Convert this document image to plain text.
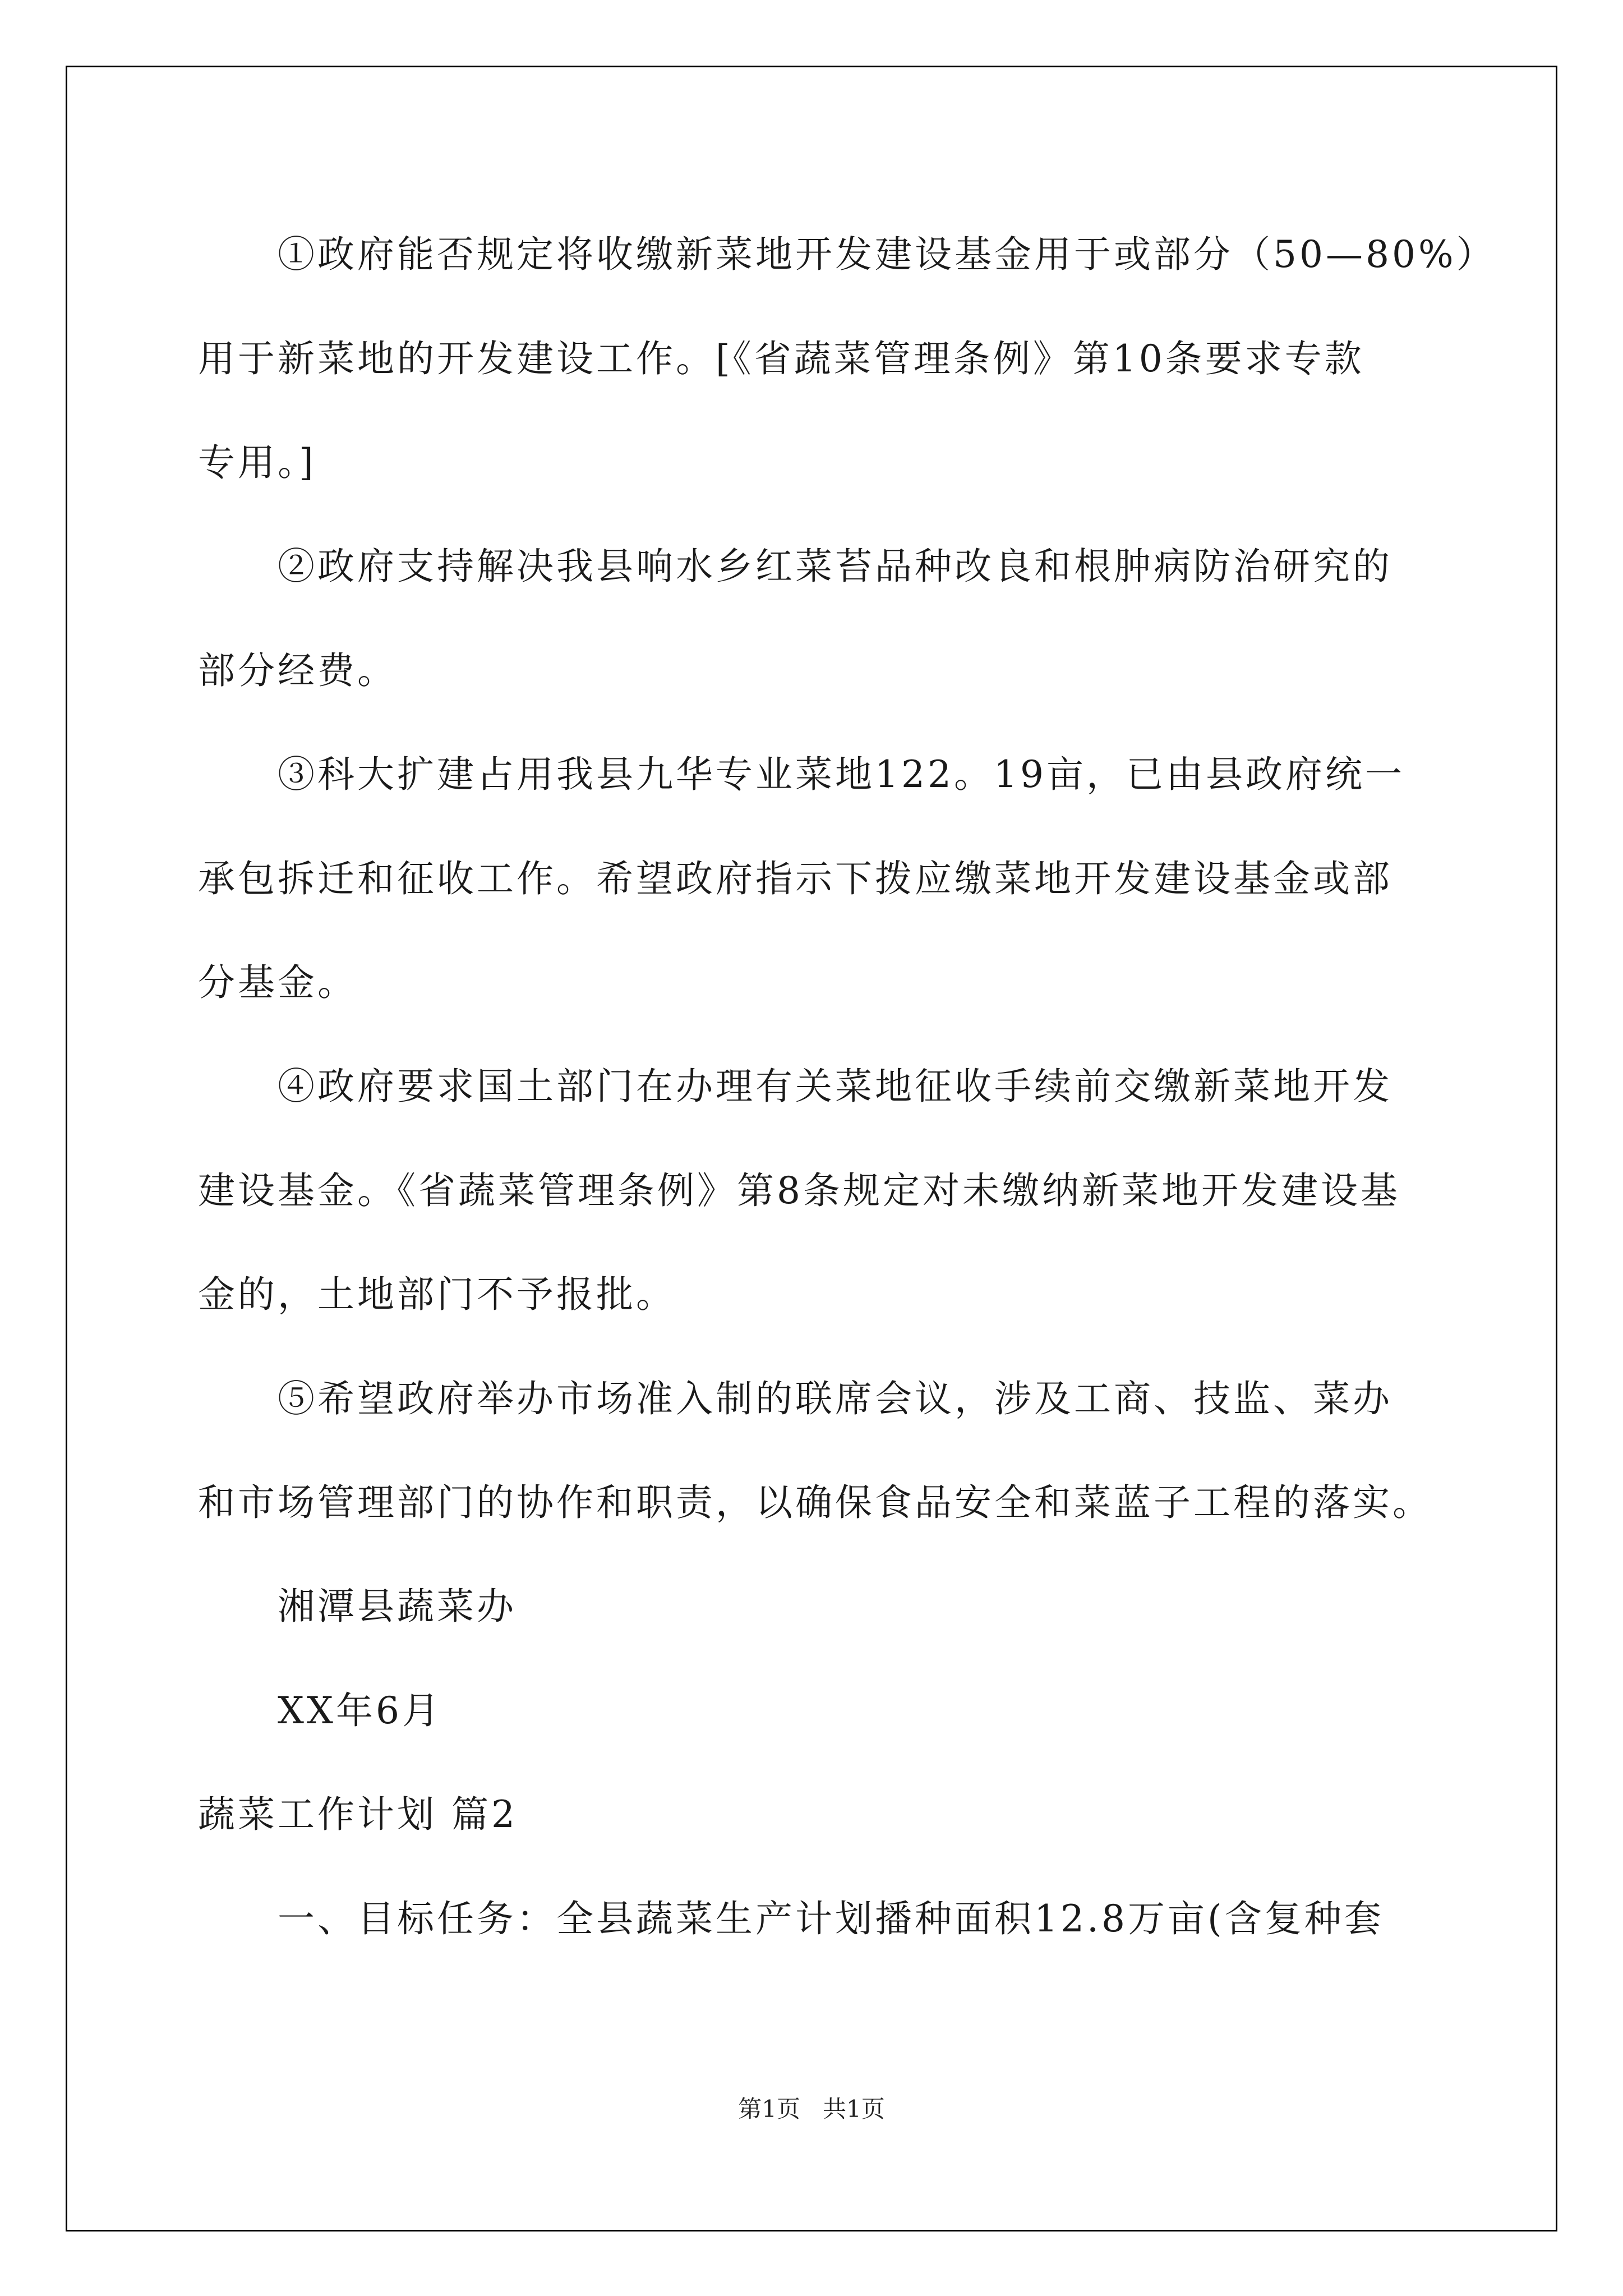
①政府能否规定将收缴新菜地开发建设基金用于或部分（50—80%）
用于新菜地的开发建设工作。[《省蔬菜管理条例》第10条要求专款
专用。]
②政府支持解决我县响水乡红菜苔品种改良和根肿病防治研究的
部分经费。
③科大扩建占用我县九华专业菜地122。19亩，已由县政府统一
承包拆迁和征收工作。希望政府指示下拨应缴菜地开发建设基金或部
分基金。
④政府要求国土部门在办理有关菜地征收手续前交缴新菜地开发
建设基金。《省蔬菜管理条例》第8条规定对未缴纳新菜地开发建设基
金的，土地部门不予报批。
⑤希望政府举办市场准入制的联席会议，涉及工商、技监、菜办
和市场管理部门的协作和职责，以确保食品安全和菜蓝子工程的落实。
湘潭县蔬菜办
XX年6月
蔬菜工作计划 篇2
一、目标任务：全县蔬菜生产计划播种面积12.8万亩(含复种套
第1页 共1页
